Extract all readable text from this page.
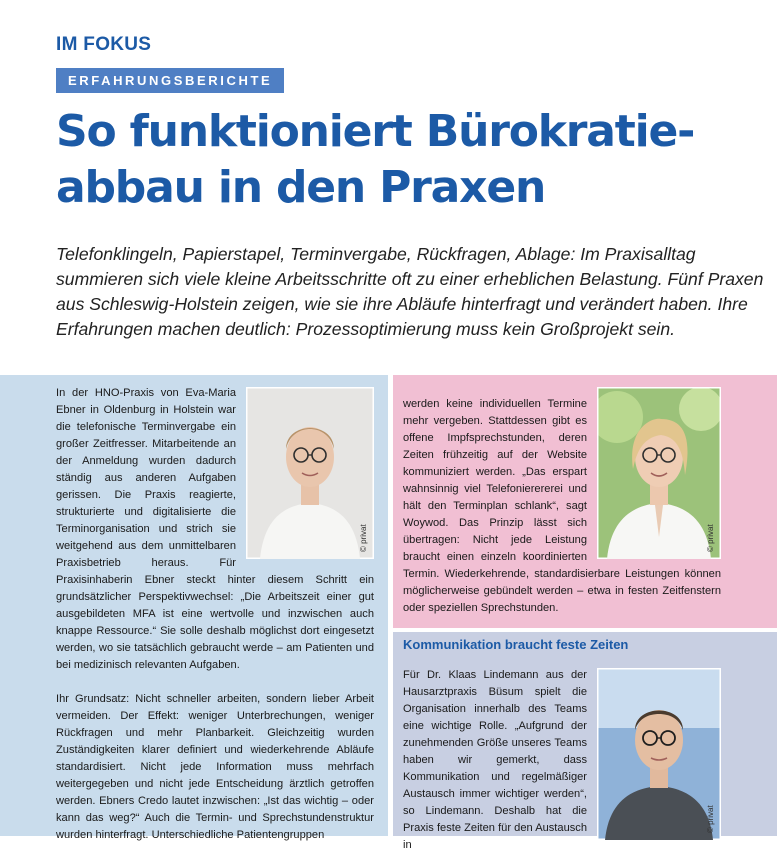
IM FOKUS
ERFAHRUNGSBERICHTE
So funktioniert Bürokratie-abbau in den Praxen

Telefonklingeln, Papierstapel, Terminvergabe, Rückfragen, Ablage: Im Praxisalltag summieren sich viele kleine Arbeitsschritte oft zu einer erheblichen Belastung. Fünf Praxen aus Schleswig-Holstein zeigen, wie sie ihre Abläufe hinterfragt und verändert haben. Ihre Erfahrungen machen deutlich: Prozessoptimierung muss kein Großprojekt sein.

© privat

In der HNO-Praxis von Eva-Maria Ebner in Oldenburg in Holstein war die telefonische Terminvergabe ein großer Zeitfresser. Mitarbeitende an der Anmeldung wurden dadurch ständig aus anderen Aufgaben gerissen. Die Praxis reagierte, strukturierte und digitalisierte die Terminorganisation und strich sie weitgehend aus dem unmittelbaren Praxisbetrieb heraus. Für Praxisinhaberin Ebner steckt hinter diesem Schritt ein grundsätzlicher Perspektivwechsel: „Die Arbeitszeit einer gut ausgebildeten MFA ist eine wertvolle und inzwischen auch knappe Ressource.“ Sie solle deshalb möglichst dort eingesetzt werden, wo sie tatsächlich gebraucht werde – am Patienten und bei medizinisch relevanten Aufgaben.

Ihr Grundsatz: Nicht schneller arbeiten, sondern lieber Arbeit vermeiden. Der Effekt: weniger Unterbrechungen, weniger Rückfragen und mehr Planbarkeit. Gleichzeitig wurden Zuständigkeiten klarer definiert und wiederkehrende Abläufe standardisiert. Nicht jede Information muss mehrfach weitergegeben und nicht jede Entscheidung ärztlich getroffen werden. Ebners Credo lautet inzwischen: „Ist das wichtig – oder kann das weg?“ Auch die Termin- und Sprechstundenstruktur wurden hinterfragt. Unterschiedliche Patientengruppen

© privat

werden keine individuellen Termine mehr vergeben. Stattdessen gibt es offene Impfsprechstunden, deren Zeiten frühzeitig auf der Website kommuniziert werden. „Das erspart wahnsinnig viel Telefonierererei und hält den Terminplan schlank“, sagt Woywod. Das Prinzip lässt sich übertragen: Nicht jede Leistung braucht einen einzeln koordinierten Termin. Wiederkehrende, standardisierbare Leistungen können möglicherweise gebündelt werden – etwa in festen Zeitfenstern oder speziellen Sprechstunden.

Kommunikation braucht feste Zeiten
© privat

Für Dr. Klaas Lindemann aus der Hausarztpraxis Büsum spielt die Organisation innerhalb des Teams eine wichtige Rolle. „Aufgrund der zunehmenden Größe unseres Teams haben wir gemerkt, dass Kommunikation und regelmäßiger Austausch immer wichtiger werden“, so Lindemann. Deshalb hat die Praxis feste Zeiten für den Austausch in
